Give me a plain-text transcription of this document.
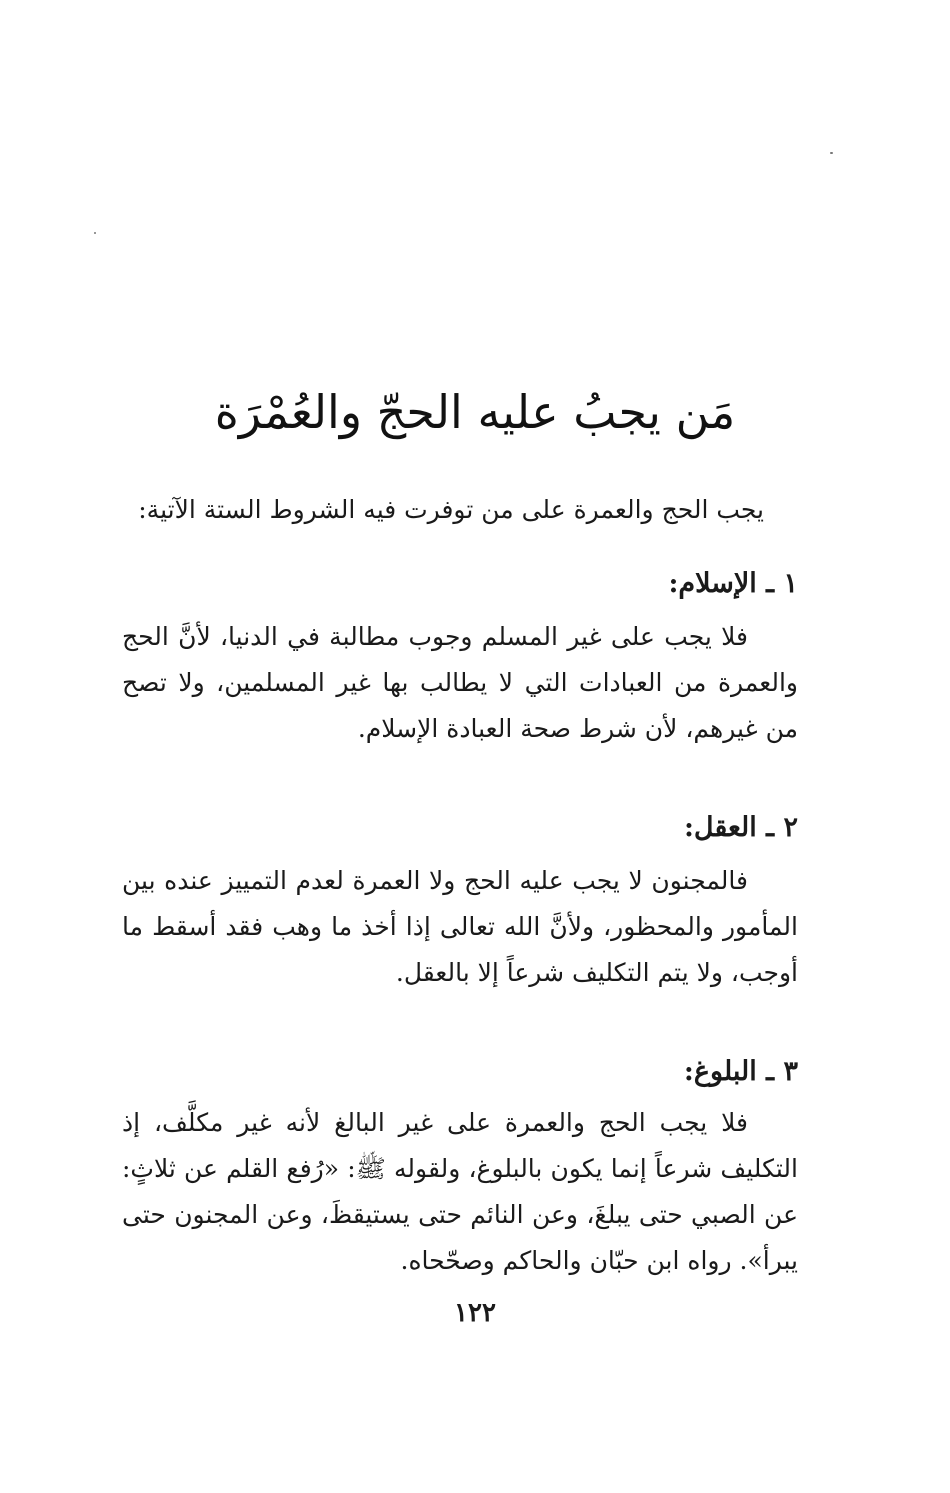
مَن يجبُ عليه الحجّ والعُمْرَة

يجب الحج والعمرة على من توفرت فيه الشروط الستة الآتية:

١ ـ الإسلام:
فلا يجب على غير المسلم وجوب مطالبة في الدنيا، لأنَّ الحج والعمرة من العبادات التي لا يطالب بها غير المسلمين، ولا تصح من غيرهم، لأن شرط صحة العبادة الإسلام.
٢ ـ العقل:
فالمجنون لا يجب عليه الحج ولا العمرة لعدم التمييز عنده بين المأمور والمحظور، ولأنَّ الله تعالى إذا أخذ ما وهب فقد أسقط ما أوجب، ولا يتم التكليف شرعاً إلا بالعقل.
٣ ـ البلوغ:
فلا يجب الحج والعمرة على غير البالغ لأنه غير مكلَّف، إذ التكليف شرعاً إنما يكون بالبلوغ، ولقوله ﷺ: «رُفع القلم عن ثلاثٍ: عن الصبي حتى يبلغَ، وعن النائم حتى يستيقظَ، وعن المجنون حتى يبرأ». رواه ابن حبّان والحاكم وصحّحاه.
١٢٢
